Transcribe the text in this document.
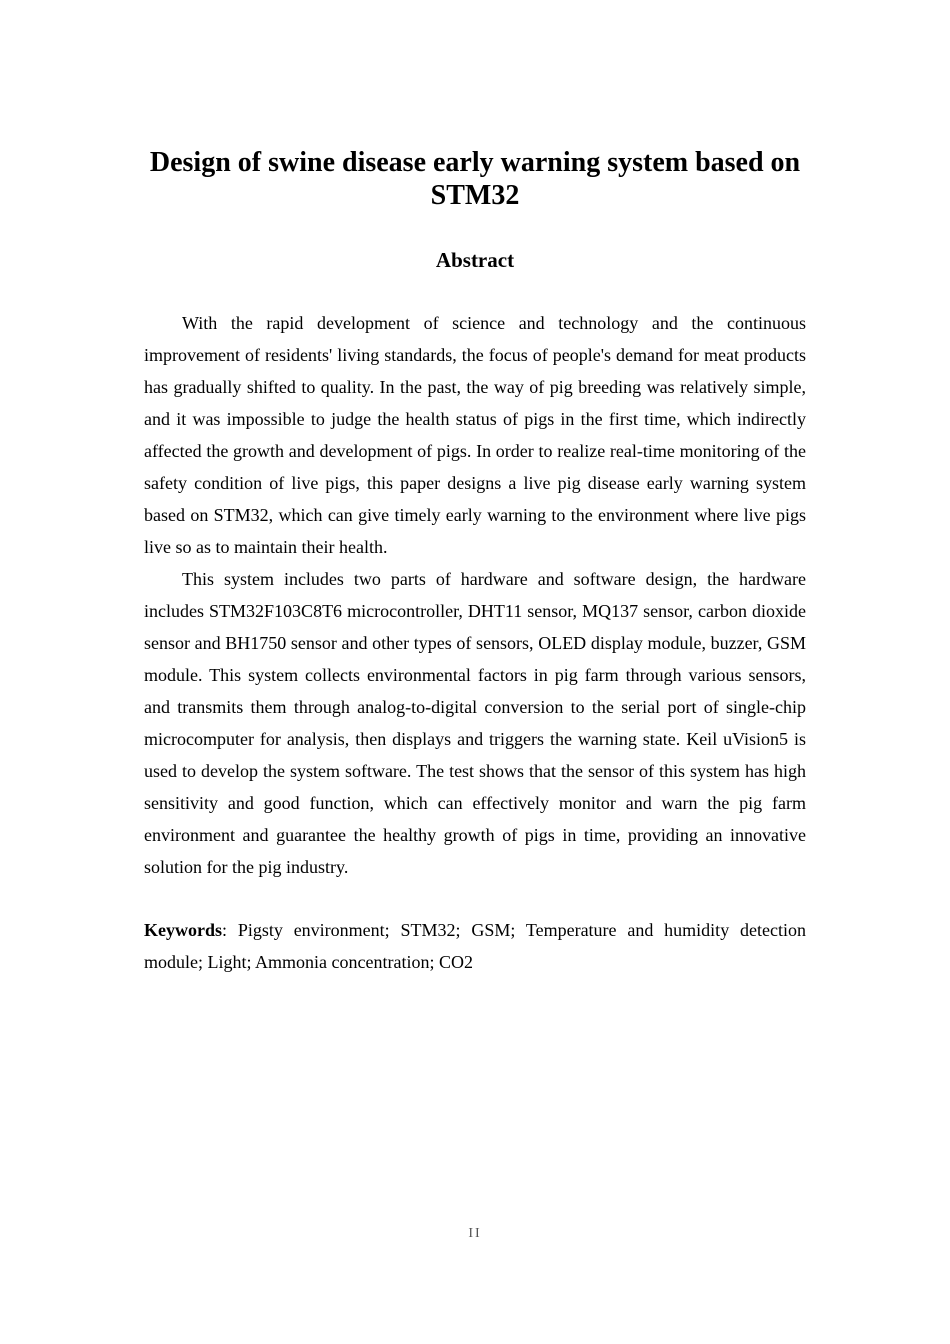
Design of swine disease early warning system based on STM32
Abstract

With the rapid development of science and technology and the continuous improvement of residents' living standards, the focus of people's demand for meat products has gradually shifted to quality. In the past, the way of pig breeding was relatively simple, and it was impossible to judge the health status of pigs in the first time, which indirectly affected the growth and development of pigs. In order to realize real-time monitoring of the safety condition of live pigs, this paper designs a live pig disease early warning system based on STM32, which can give timely early warning to the environment where live pigs live so as to maintain their health.

This system includes two parts of hardware and software design, the hardware includes STM32F103C8T6 microcontroller, DHT11 sensor, MQ137 sensor, carbon dioxide sensor and BH1750 sensor and other types of sensors, OLED display module, buzzer, GSM module. This system collects environmental factors in pig farm through various sensors, and transmits them through analog-to-digital conversion to the serial port of single-chip microcomputer for analysis, then displays and triggers the warning state. Keil uVision5 is used to develop the system software. The test shows that the sensor of this system has high sensitivity and good function, which can effectively monitor and warn the pig farm environment and guarantee the healthy growth of pigs in time, providing an innovative solution for the pig industry.

Keywords: Pigsty environment; STM32; GSM; Temperature and humidity detection module; Light; Ammonia concentration; CO2

II
